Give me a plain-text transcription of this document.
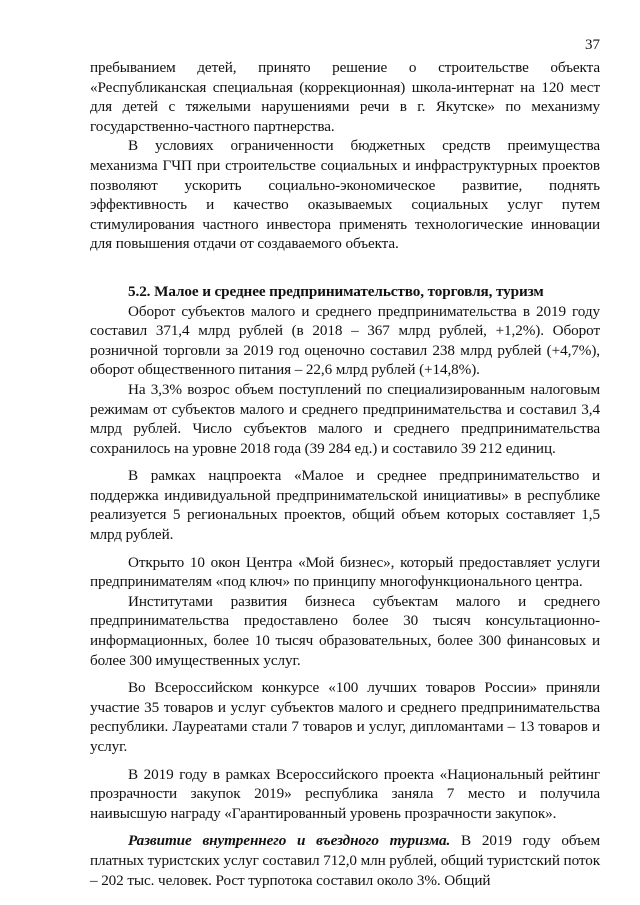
37

пребыванием детей, принято решение о строительстве объекта «Республиканская специальная (коррекционная) школа-интернат на 120 мест для детей с тяжелыми нарушениями речи в г. Якутске» по механизму государственно-частного партнерства.

В условиях ограниченности бюджетных средств преимущества механизма ГЧП при строительстве социальных и инфраструктурных проектов позволяют ускорить социально-экономическое развитие, поднять эффективность и качество оказываемых социальных услуг путем стимулирования частного инвестора применять технологические инновации для повышения отдачи от создаваемого объекта.

5.2. Малое и среднее предпринимательство, торговля, туризм

Оборот субъектов малого и среднего предпринимательства в 2019 году составил 371,4 млрд рублей (в 2018 – 367 млрд рублей, +1,2%). Оборот розничной торговли за 2019 год оценочно составил 238 млрд рублей (+4,7%), оборот общественного питания – 22,6 млрд рублей (+14,8%).

На 3,3% возрос объем поступлений по специализированным налоговым режимам от субъектов малого и среднего предпринимательства и составил 3,4 млрд рублей. Число субъектов малого и среднего предпринимательства сохранилось на уровне 2018 года (39 284 ед.) и составило 39 212 единиц.

В рамках нацпроекта «Малое и среднее предпринимательство и поддержка индивидуальной предпринимательской инициативы» в республике реализуется 5 региональных проектов, общий объем которых составляет 1,5 млрд рублей.

Открыто 10 окон Центра «Мой бизнес», который предоставляет услуги предпринимателям «под ключ» по принципу многофункционального центра.

Институтами развития бизнеса субъектам малого и среднего предпринимательства предоставлено более 30 тысяч консультационно-информационных, более 10 тысяч образовательных, более 300 финансовых и более 300 имущественных услуг.

Во Всероссийском конкурсе «100 лучших товаров России» приняли участие 35 товаров и услуг субъектов малого и среднего предпринимательства республики. Лауреатами стали 7 товаров и услуг, дипломантами – 13 товаров и услуг.

В 2019 году в рамках Всероссийского проекта «Национальный рейтинг прозрачности закупок 2019» республика заняла 7 место и получила наивысшую награду «Гарантированный уровень прозрачности закупок».

Развитие внутреннего и въездного туризма. В 2019 году объем платных туристских услуг составил 712,0 млн рублей, общий туристский поток – 202 тыс. человек. Рост турпотока составил около 3%. Общий
